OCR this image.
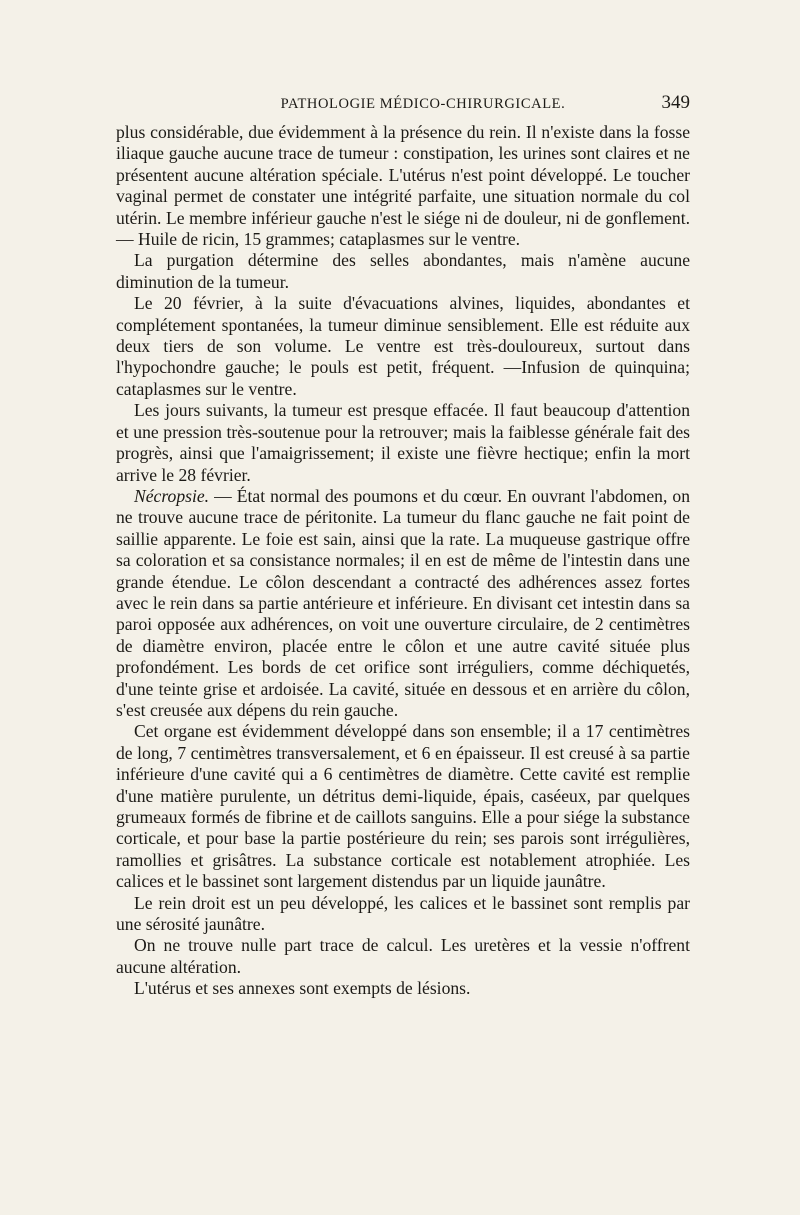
PATHOLOGIE MÉDICO-CHIRURGICALE.	349

plus considérable, due évidemment à la présence du rein. Il n'existe dans la fosse iliaque gauche aucune trace de tumeur : constipation, les urines sont claires et ne présentent aucune altération spéciale. L'utérus n'est point développé. Le toucher vaginal permet de constater une intégrité parfaite, une situation normale du col utérin. Le membre inférieur gauche n'est le siége ni de douleur, ni de gonflement. — Huile de ricin, 15 grammes; cataplasmes sur le ventre.

La purgation détermine des selles abondantes, mais n'amène aucune diminution de la tumeur.

Le 20 février, à la suite d'évacuations alvines, liquides, abondantes et complétement spontanées, la tumeur diminue sensiblement. Elle est réduite aux deux tiers de son volume. Le ventre est très-douloureux, surtout dans l'hypochondre gauche; le pouls est petit, fréquent. —Infusion de quinquina; cataplasmes sur le ventre.

Les jours suivants, la tumeur est presque effacée. Il faut beaucoup d'attention et une pression très-soutenue pour la retrouver; mais la faiblesse générale fait des progrès, ainsi que l'amaigrissement; il existe une fièvre hectique; enfin la mort arrive le 28 février.

Nécropsie. — État normal des poumons et du cœur. En ouvrant l'abdomen, on ne trouve aucune trace de péritonite. La tumeur du flanc gauche ne fait point de saillie apparente. Le foie est sain, ainsi que la rate. La muqueuse gastrique offre sa coloration et sa consistance normales; il en est de même de l'intestin dans une grande étendue. Le côlon descendant a contracté des adhérences assez fortes avec le rein dans sa partie antérieure et inférieure. En divisant cet intestin dans sa paroi opposée aux adhérences, on voit une ouverture circulaire, de 2 centimètres de diamètre environ, placée entre le côlon et une autre cavité située plus profondément. Les bords de cet orifice sont irréguliers, comme déchiquetés, d'une teinte grise et ardoisée. La cavité, située en dessous et en arrière du côlon, s'est creusée aux dépens du rein gauche.

Cet organe est évidemment développé dans son ensemble; il a 17 centimètres de long, 7 centimètres transversalement, et 6 en épaisseur. Il est creusé à sa partie inférieure d'une cavité qui a 6 centimètres de diamètre. Cette cavité est remplie d'une matière purulente, un détritus demi-liquide, épais, caséeux, par quelques grumeaux formés de fibrine et de caillots sanguins. Elle a pour siége la substance corticale, et pour base la partie postérieure du rein; ses parois sont irrégulières, ramollies et grisâtres. La substance corticale est notablement atrophiée. Les calices et le bassinet sont largement distendus par un liquide jaunâtre.

Le rein droit est un peu développé, les calices et le bassinet sont remplis par une sérosité jaunâtre.

On ne trouve nulle part trace de calcul. Les uretères et la vessie n'offrent aucune altération.

L'utérus et ses annexes sont exempts de lésions.
